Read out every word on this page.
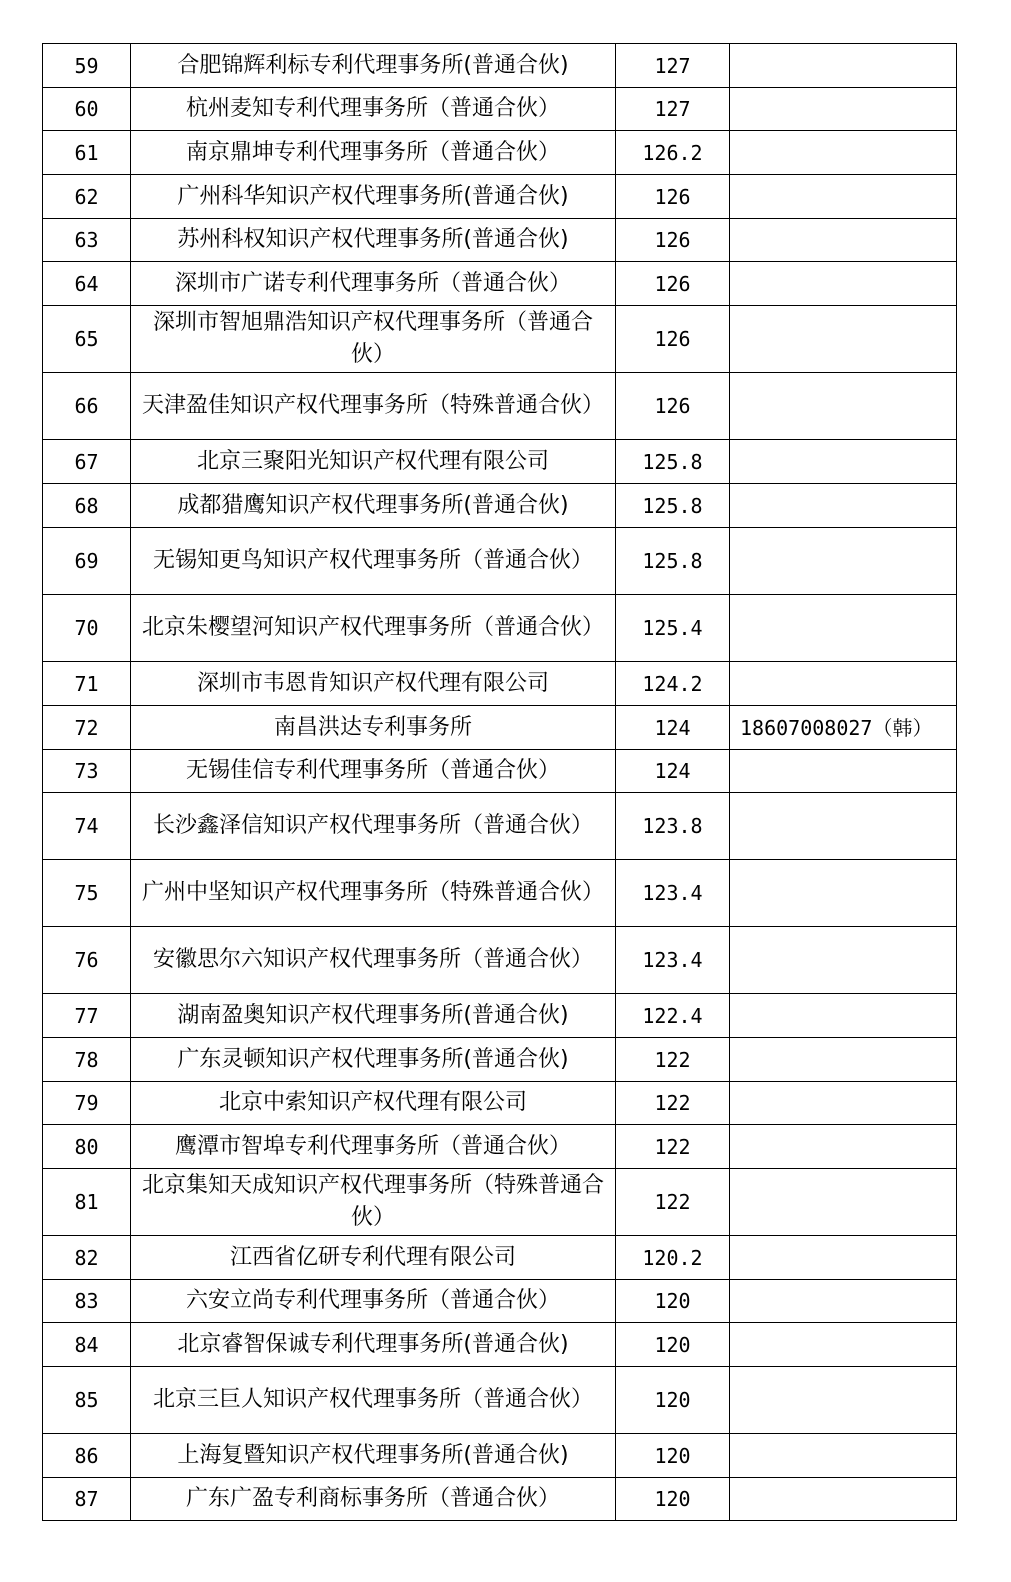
59	合肥锦辉利标专利代理事务所(普通合伙)	127	
60	杭州麦知专利代理事务所（普通合伙）	127	
61	南京鼎坤专利代理事务所（普通合伙）	126.2	
62	广州科华知识产权代理事务所(普通合伙)	126	
63	苏州科权知识产权代理事务所(普通合伙)	126	
64	深圳市广诺专利代理事务所（普通合伙）	126	
65	深圳市智旭鼎浩知识产权代理事务所（普通合伙）	126	
66	天津盈佳知识产权代理事务所（特殊普通合伙）	126	
67	北京三聚阳光知识产权代理有限公司	125.8	
68	成都猎鹰知识产权代理事务所(普通合伙)	125.8	
69	无锡知更鸟知识产权代理事务所（普通合伙）	125.8	
70	北京朱樱望河知识产权代理事务所（普通合伙）	125.4	
71	深圳市韦恩肯知识产权代理有限公司	124.2	
72	南昌洪达专利事务所	124	18607008027（韩）
73	无锡佳信专利代理事务所（普通合伙）	124	
74	长沙鑫泽信知识产权代理事务所（普通合伙）	123.8	
75	广州中坚知识产权代理事务所（特殊普通合伙）	123.4	
76	安徽思尔六知识产权代理事务所（普通合伙）	123.4	
77	湖南盈奥知识产权代理事务所(普通合伙)	122.4	
78	广东灵顿知识产权代理事务所(普通合伙)	122	
79	北京中索知识产权代理有限公司	122	
80	鹰潭市智埠专利代理事务所（普通合伙）	122	
81	北京集知天成知识产权代理事务所（特殊普通合伙）	122	
82	江西省亿研专利代理有限公司	120.2	
83	六安立尚专利代理事务所（普通合伙）	120	
84	北京睿智保诚专利代理事务所(普通合伙)	120	
85	北京三巨人知识产权代理事务所（普通合伙）	120	
86	上海复暨知识产权代理事务所(普通合伙)	120	
87	广东广盈专利商标事务所（普通合伙）	120	
